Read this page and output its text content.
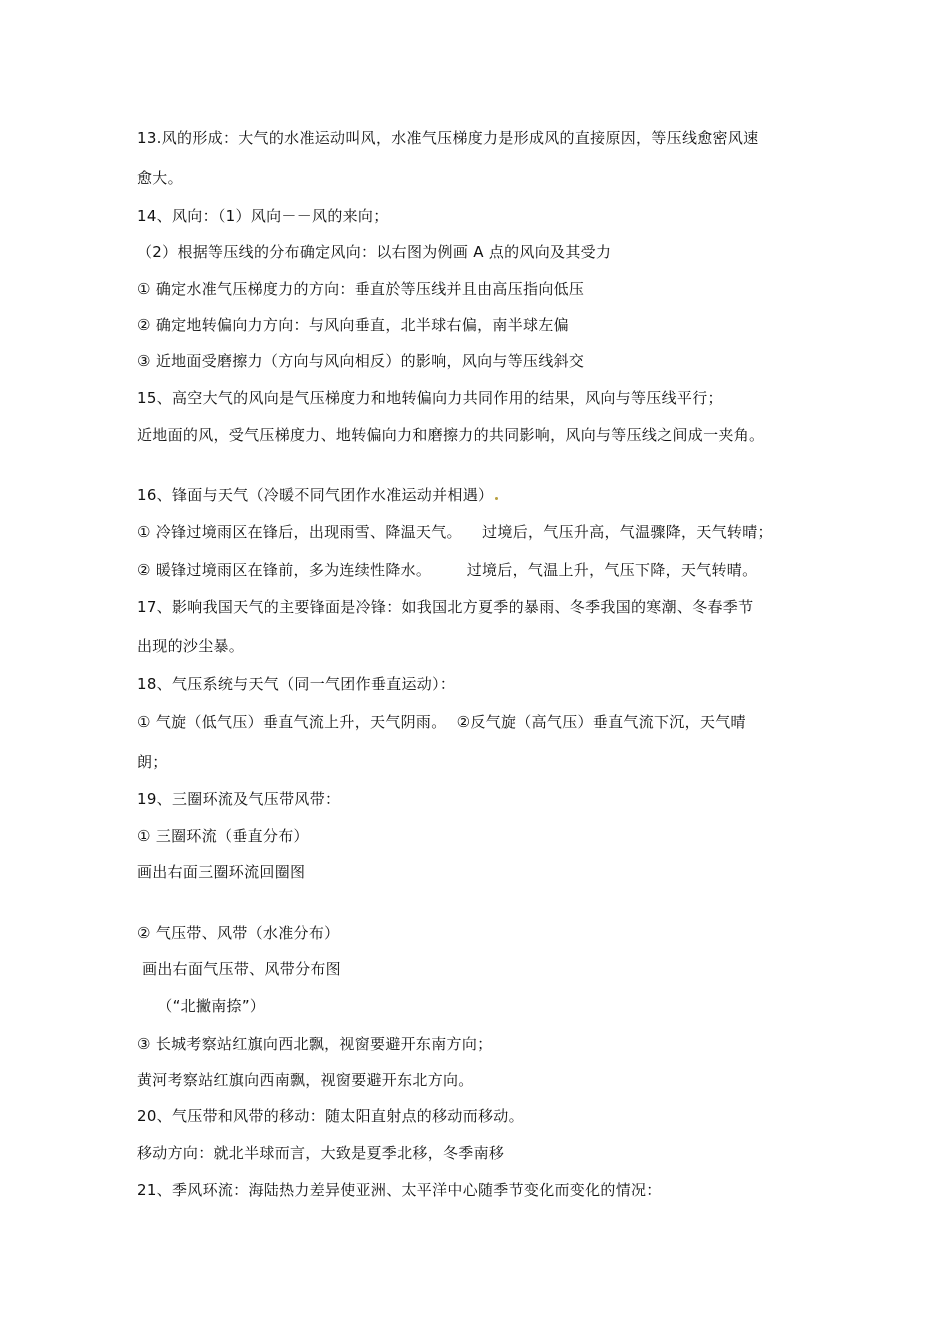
13.风的形成：大气的水准运动叫风，水准气压梯度力是形成风的直接原因，等压线愈密风速
愈大。
14、风向：（1）风向－－风的来向；
（2）根据等压线的分布确定风向：以右图为例画 A 点的风向及其受力
① 确定水准气压梯度力的方向：垂直於等压线并且由高压指向低压
② 确定地转偏向力方向：与风向垂直，北半球右偏，南半球左偏
③ 近地面受磨擦力（方向与风向相反）的影响，风向与等压线斜交
15、高空大气的风向是气压梯度力和地转偏向力共同作用的结果，风向与等压线平行；
近地面的风，受气压梯度力、地转偏向力和磨擦力的共同影响，风向与等压线之间成一夹角。
16、锋面与天气（冷暖不同气团作水准运动并相遇）
① 冷锋过境雨区在锋后，出现雨雪、降温天气。    过境后，气压升高，气温骤降，天气转晴；
② 暖锋过境雨区在锋前，多为连续性降水。       过境后，气温上升，气压下降，天气转晴。
17、影响我国天气的主要锋面是冷锋：如我国北方夏季的暴雨、冬季我国的寒潮、冬春季节
出现的沙尘暴。
18、气压系统与天气（同一气团作垂直运动）：
① 气旋（低气压）垂直气流上升，天气阴雨。  ②反气旋（高气压）垂直气流下沉，天气晴
朗；
19、三圈环流及气压带风带：
① 三圈环流（垂直分布）
画出右面三圈环流回圈图
② 气压带、风带（水准分布）
画出右面气压带、风带分布图
（“北撇南捺”）
③ 长城考察站红旗向西北飘，视窗要避开东南方向；
黄河考察站红旗向西南飘，视窗要避开东北方向。
20、气压带和风带的移动：随太阳直射点的移动而移动。
移动方向：就北半球而言，大致是夏季北移，冬季南移
21、季风环流：海陆热力差异使亚洲、太平洋中心随季节变化而变化的情况：
